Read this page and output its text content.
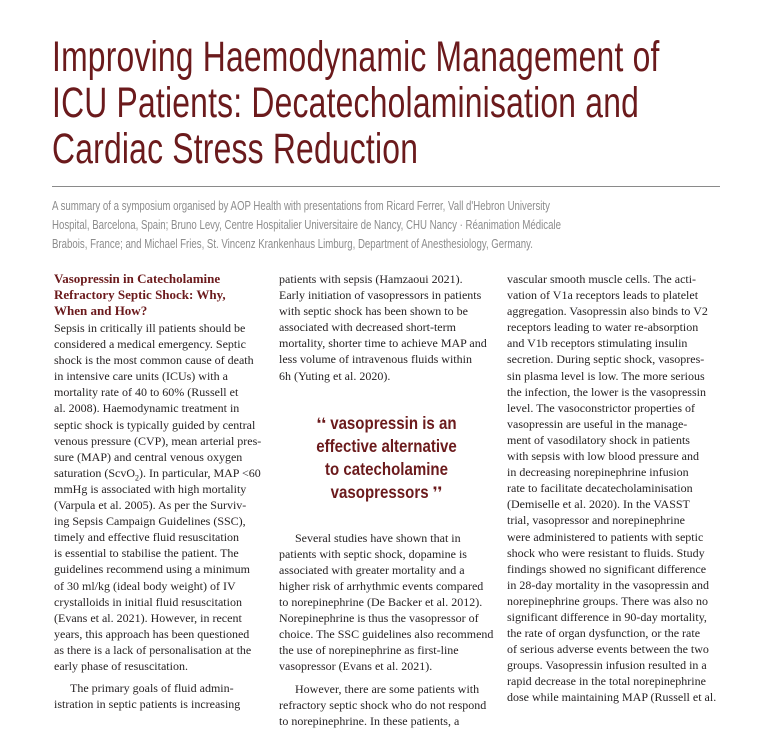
Improving Haemodynamic Management of
ICU Patients: Decatecholaminisation and
Cardiac Stress Reduction
A summary of a symposium organised by AOP Health with presentations from Ricard Ferrer, Vall d'Hebron University
Hospital, Barcelona, Spain; Bruno Levy, Centre Hospitalier Universitaire de Nancy, CHU Nancy · Réanimation Médicale
Brabois, France; and Michael Fries, St. Vincenz Krankenhaus Limburg, Department of Anesthesiology, Germany.
Vasopressin in Catecholamine
Refractory Septic Shock: Why,
When and How?
Sepsis in critically ill patients should be
considered a medical emergency. Septic
shock is the most common cause of death
in intensive care units (ICUs) with a
mortality rate of 40 to 60% (Russell et
al. 2008). Haemodynamic treatment in
septic shock is typically guided by central
venous pressure (CVP), mean arterial pres-
sure (MAP) and central venous oxygen
saturation (ScvO$_2$). In particular, MAP <60
mmHg is associated with high mortality
(Varpula et al. 2005). As per the Surviv-
ing Sepsis Campaign Guidelines (SSC),
timely and effective fluid resuscitation
is essential to stabilise the patient. The
guidelines recommend using a minimum
of 30 ml/kg (ideal body weight) of IV
crystalloids in initial fluid resuscitation
(Evans et al. 2021). However, in recent
years, this approach has been questioned
as there is a lack of personalisation at the
early phase of resuscitation.
The primary goals of fluid admin-
istration in septic patients is increasing
patients with sepsis (Hamzaoui 2021).
Early initiation of vasopressors in patients
with septic shock has been shown to be
associated with decreased short-term
mortality, shorter time to achieve MAP and
less volume of intravenous fluids within
6h (Yuting et al. 2020).
❛❛ vasopressin is an
effective alternative
to catecholamine
vasopressors ❜❜
Several studies have shown that in
patients with septic shock, dopamine is
associated with greater mortality and a
higher risk of arrhythmic events compared
to norepinephrine (De Backer et al. 2012).
Norepinephrine is thus the vasopressor of
choice. The SSC guidelines also recommend
the use of norepinephrine as first-line
vasopressor (Evans et al. 2021).
However, there are some patients with
refractory septic shock who do not respond
to norepinephrine. In these patients, a
vascular smooth muscle cells. The acti-
vation of V1a receptors leads to platelet
aggregation. Vasopressin also binds to V2
receptors leading to water re-absorption
and V1b receptors stimulating insulin
secretion. During septic shock, vasopres-
sin plasma level is low. The more serious
the infection, the lower is the vasopressin
level. The vasoconstrictor properties of
vasopressin are useful in the manage-
ment of vasodilatory shock in patients
with sepsis with low blood pressure and
in decreasing norepinephrine infusion
rate to facilitate decatecholaminisation
(Demiselle et al. 2020). In the VASST
trial, vasopressor and norepinephrine
were administered to patients with septic
shock who were resistant to fluids. Study
findings showed no significant difference
in 28-day mortality in the vasopressin and
norepinephrine groups. There was also no
significant difference in 90-day mortality,
the rate of organ dysfunction, or the rate
of serious adverse events between the two
groups. Vasopressin infusion resulted in a
rapid decrease in the total norepinephrine
dose while maintaining MAP (Russell et al.
